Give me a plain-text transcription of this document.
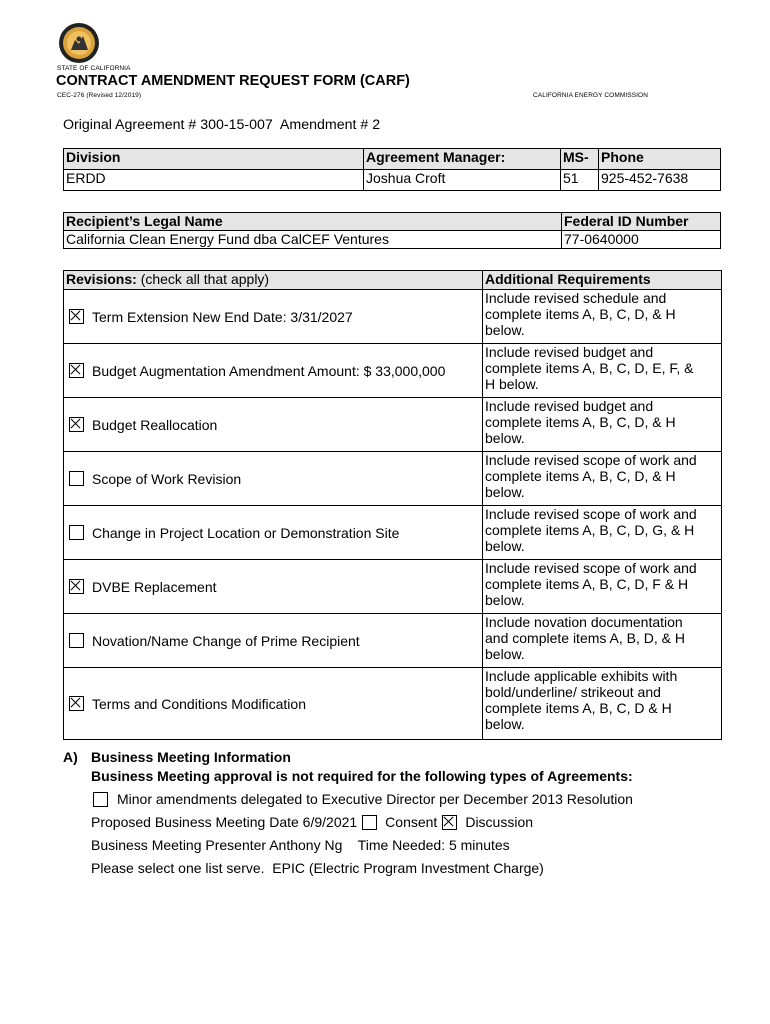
STATE OF CALIFORNIA
CONTRACT AMENDMENT REQUEST FORM (CARF)
CEC-276 (Revised 12/2019)	CALIFORNIA ENERGY COMMISSION
Original Agreement # 300-15-007 Amendment # 2
Division	Agreement Manager:	MS-	Phone
ERDD	Joshua Croft	51	925-452-7638
Recipient’s Legal Name	Federal ID Number
California Clean Energy Fund dba CalCEF Ventures	77-0640000
Revisions: (check all that apply)	Additional Requirements

Term Extension New End Date: 3/31/2027	Include revised schedule and
complete items A, B, C, D, & H
below.

Budget Augmentation Amendment Amount: $ 33,000,000	Include revised budget and
complete items A, B, C, D, E, F, &
H below.

Budget Reallocation	Include revised budget and
complete items A, B, C, D, & H
below.

Scope of Work Revision	Include revised scope of work and
complete items A, B, C, D, & H
below.

Change in Project Location or Demonstration Site	Include revised scope of work and
complete items A, B, C, D, G, & H
below.

DVBE Replacement	Include revised scope of work and
complete items A, B, C, D, F & H
below.

Novation/Name Change of Prime Recipient	Include novation documentation
and complete items A, B, D, & H
below.

Terms and Conditions Modification	Include applicable exhibits with
bold/underline/ strikeout and
complete items A, B, C, D & H
below.
A) Business Meeting Information
Business Meeting approval is not required for the following types of Agreements:
Minor amendments delegated to Executive Director per December 2013 Resolution
Proposed Business Meeting Date 6/9/2021 Consent Discussion
Business Meeting Presenter Anthony Ng    Time Needed: 5 minutes
Please select one list serve.  EPIC (Electric Program Investment Charge)
